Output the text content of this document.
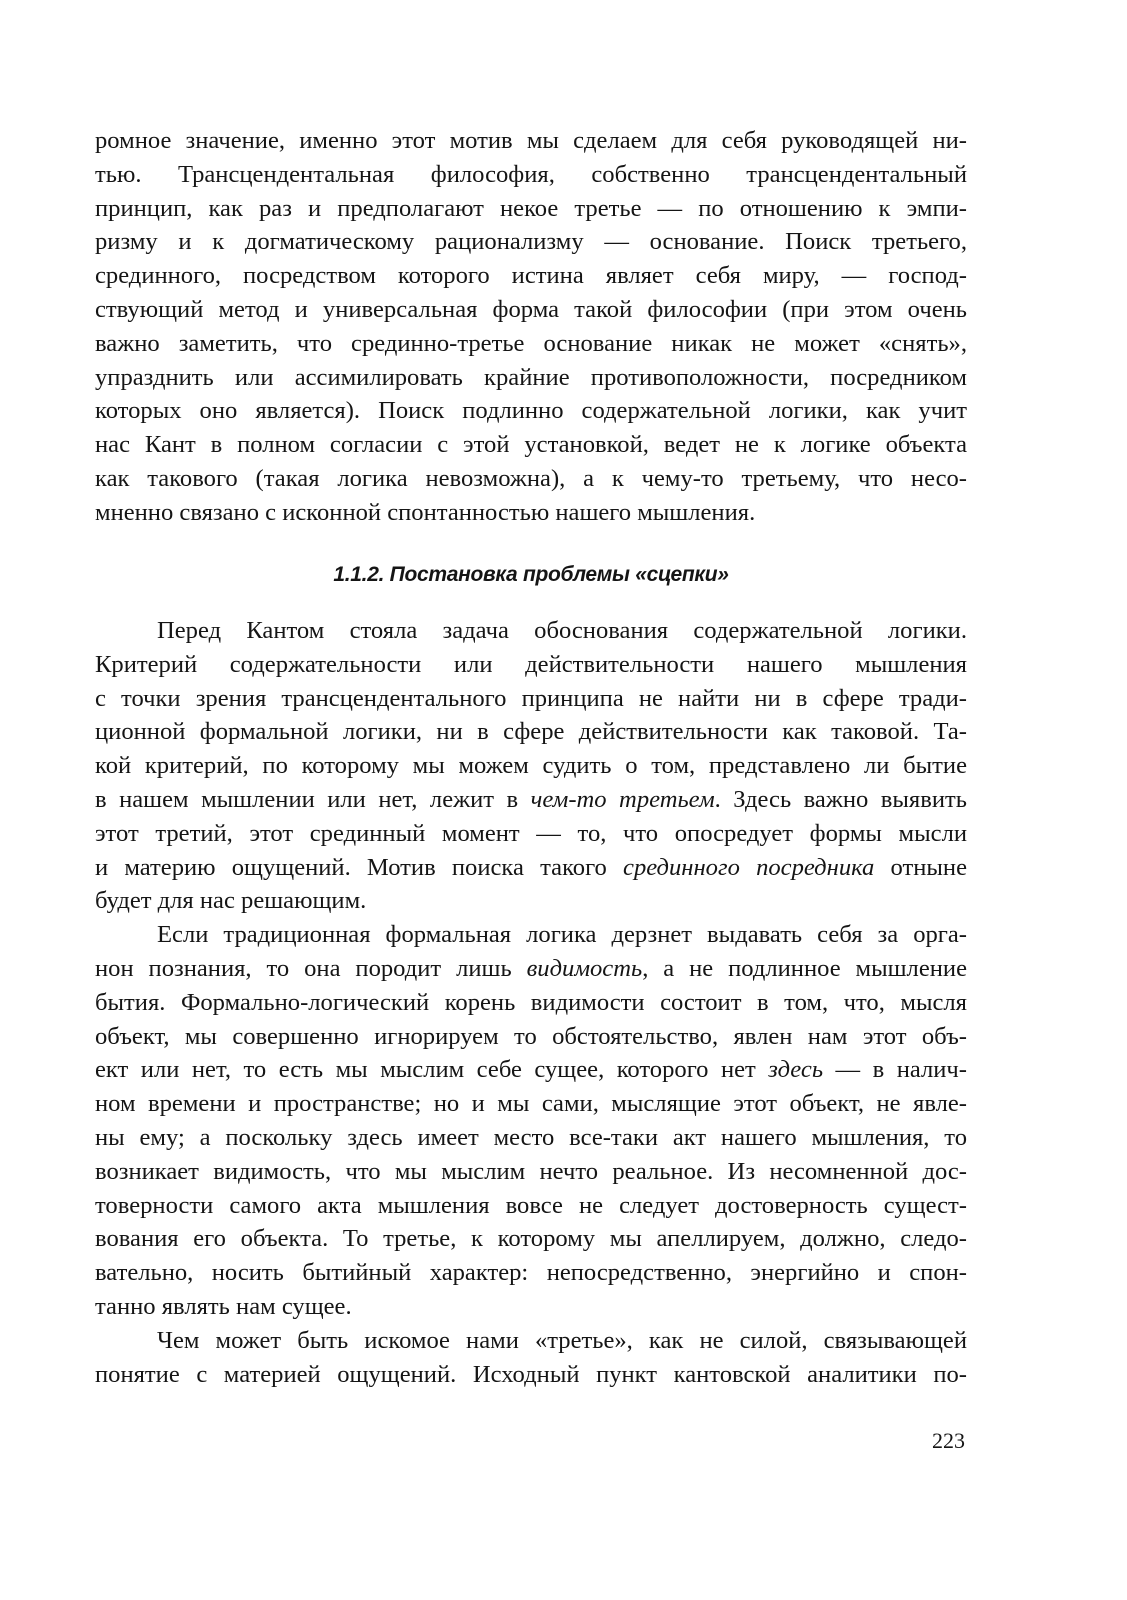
ромное значение, именно этот мотив мы сделаем для себя руководящей ни-
тью. Трансцендентальная философия, собственно трансцендентальный
принцип, как раз и предполагают некое третье — по отношению к эмпи-
ризму и к догматическому рационализму — основание. Поиск третьего,
срединного, посредством которого истина являет себя миру, — господ-
ствующий метод и универсальная форма такой философии (при этом очень
важно заметить, что срединно-третье основание никак не может «снять»,
упразднить или ассимилировать крайние противоположности, посредником
которых оно является). Поиск подлинно содержательной логики, как учит
нас Кант в полном согласии с этой установкой, ведет не к логике объекта
как такового (такая логика невозможна), а к чему-то третьему, что несо-
мненно связано с исконной спонтанностью нашего мышления.
1.1.2. Постановка проблемы «сцепки»
Перед Кантом стояла задача обоснования содержательной логики.
Критерий содержательности или действительности нашего мышления
с точки зрения трансцендентального принципа не найти ни в сфере тради-
ционной формальной логики, ни в сфере действительности как таковой. Та-
кой критерий, по которому мы можем судить о том, представлено ли бытие
в нашем мышлении или нет, лежит в чем-то третьем. Здесь важно выявить
этот третий, этот срединный момент — то, что опосредует формы мысли
и материю ощущений. Мотив поиска такого срединного посредника отныне
будет для нас решающим.
Если традиционная формальная логика дерзнет выдавать себя за орга-
нон познания, то она породит лишь видимость, а не подлинное мышление
бытия. Формально-логический корень видимости состоит в том, что, мысля
объект, мы совершенно игнорируем то обстоятельство, явлен нам этот объ-
ект или нет, то есть мы мыслим себе сущее, которого нет здесь — в налич-
ном времени и пространстве; но и мы сами, мыслящие этот объект, не явле-
ны ему; а поскольку здесь имеет место все-таки акт нашего мышления, то
возникает видимость, что мы мыслим нечто реальное. Из несомненной дос-
товерности самого акта мышления вовсе не следует достоверность сущест-
вования его объекта. То третье, к которому мы апеллируем, должно, следо-
вательно, носить бытийный характер: непосредственно, энергийно и спон-
танно являть нам сущее.
Чем может быть искомое нами «третье», как не силой, связывающей
понятие с материей ощущений. Исходный пункт кантовской аналитики по-
223
